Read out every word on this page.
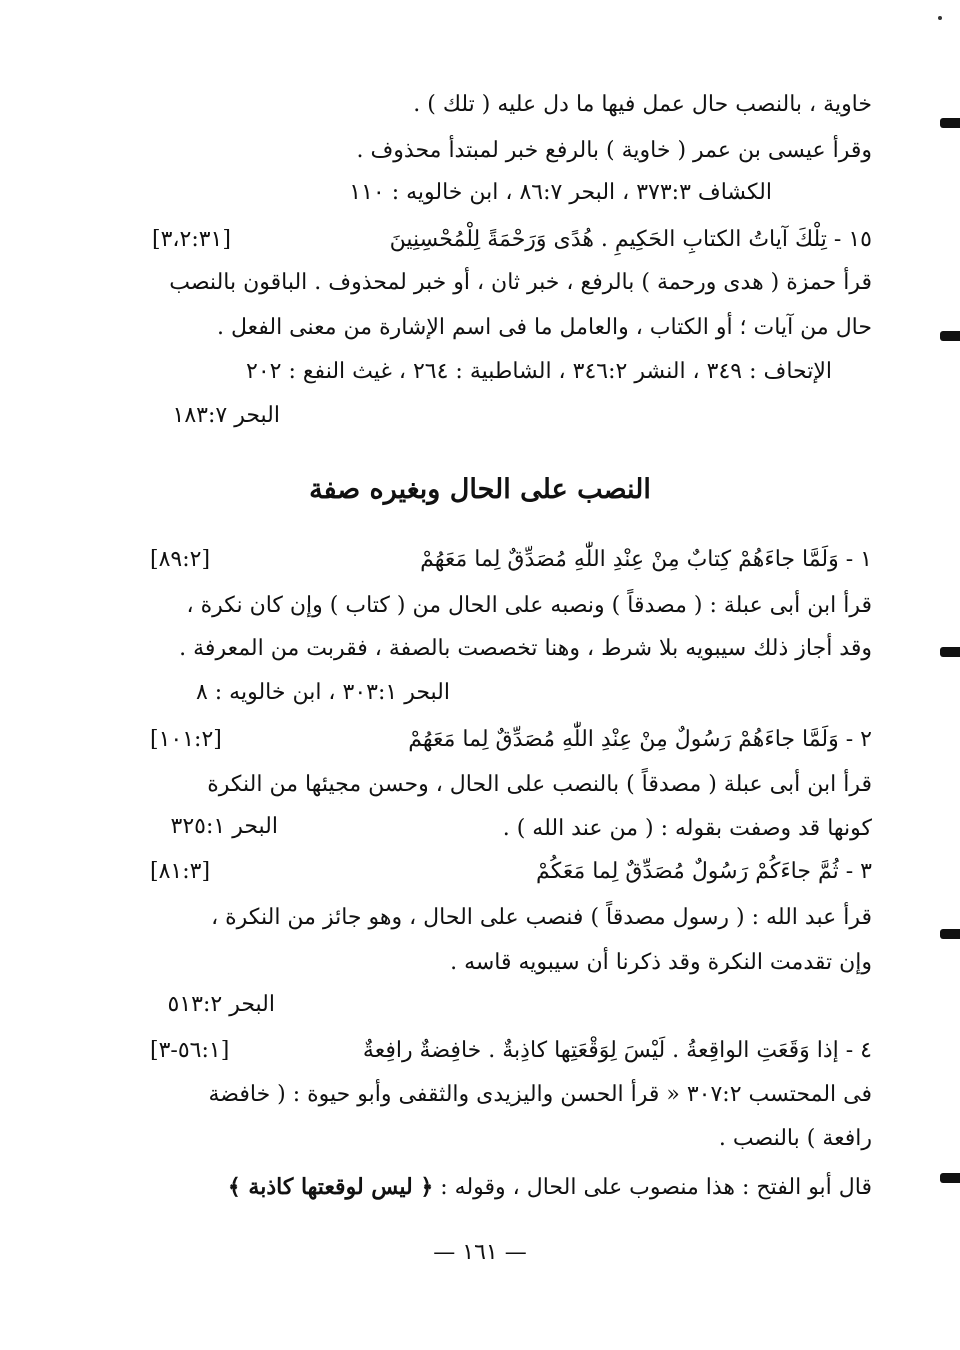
خاوية ، بالنصب حال عمل فيها ما دل عليه ( تلك ) .
وقرأ عيسى بن عمر ( خاوية ) بالرفع خبر لمبتدأ محذوف .
الكشاف ٣٧٣:٣ ، البحر ٨٦:٧ ، ابن خالويه : ١١٠
١٥ - تِلْكَ آياتُ الكتابِ الحَكِيمِ . هُدًى وَرَحْمَةً لِلْمُحْسِنِينَ
[٣،٢:٣١]
قرأ حمزة ( هدى ورحمة ) بالرفع ، خبر ثان ، أو خبر لمحذوف . الباقون بالنصب
حال من آيات ؛ أو الكتاب ، والعامل ما فى اسم الإشارة من معنى الفعل .
الإتحاف : ٣٤٩ ، النشر ٣٤٦:٢ ، الشاطبية : ٢٦٤ ، غيث النفع : ٢٠٢
البحر ١٨٣:٧
النصب على الحال وبغيره صفة
١ - وَلَمَّا جاءَهُمْ كِتابٌ مِنْ عِنْدِ اللّٰهِ مُصَدِّقٌ لِما مَعَهُمْ
[٨٩:٢]
قرأ ابن أبى عبلة : ( مصدقاً ) ونصبه على الحال من ( كتاب ) وإن كان نكرة ،
وقد أجاز ذلك سيبويه بلا شرط ، وهنا تخصصت بالصفة ، فقربت من المعرفة .
البحر ٣٠٣:١ ، ابن خالويه : ٨
٢ - وَلَمَّا جاءَهُمْ رَسُولٌ مِنْ عِنْدِ اللّٰهِ مُصَدِّقٌ لِما مَعَهُمْ
[١٠١:٢]
قرأ ابن أبى عبلة ( مصدقاً ) بالنصب على الحال ، وحسن مجيئها من النكرة
كونها قد وصفت بقوله : ( من عند الله ) .
البحر ٣٢٥:١
٣ - ثُمَّ جاءَكُمْ رَسُولٌ مُصَدِّقٌ لِما مَعَكُمْ
[٨١:٣]
قرأ عبد الله : ( رسول مصدقاً ) فنصب على الحال ، وهو جائز من النكرة ،
وإن تقدمت النكرة وقد ذكرنا أن سيبويه قاسه .
البحر ٥١٣:٢
٤ - إذا وَقَعَتِ الواقِعةُ . لَيْسَ لِوَقْعَتِها كاذِبةٌ . خافِضةٌ رافِعةٌ
[٥٦:١-٣]
فى المحتسب ٣٠٧:٢ « قرأ الحسن واليزيدى والثقفى وأبو حيوة : ( خافضة
رافعة ) بالنصب .
قال أبو الفتح : هذا منصوب على الحال ، وقوله : ﴿ ليس لوقعتها كاذبة ﴾
— ١٦١ —
